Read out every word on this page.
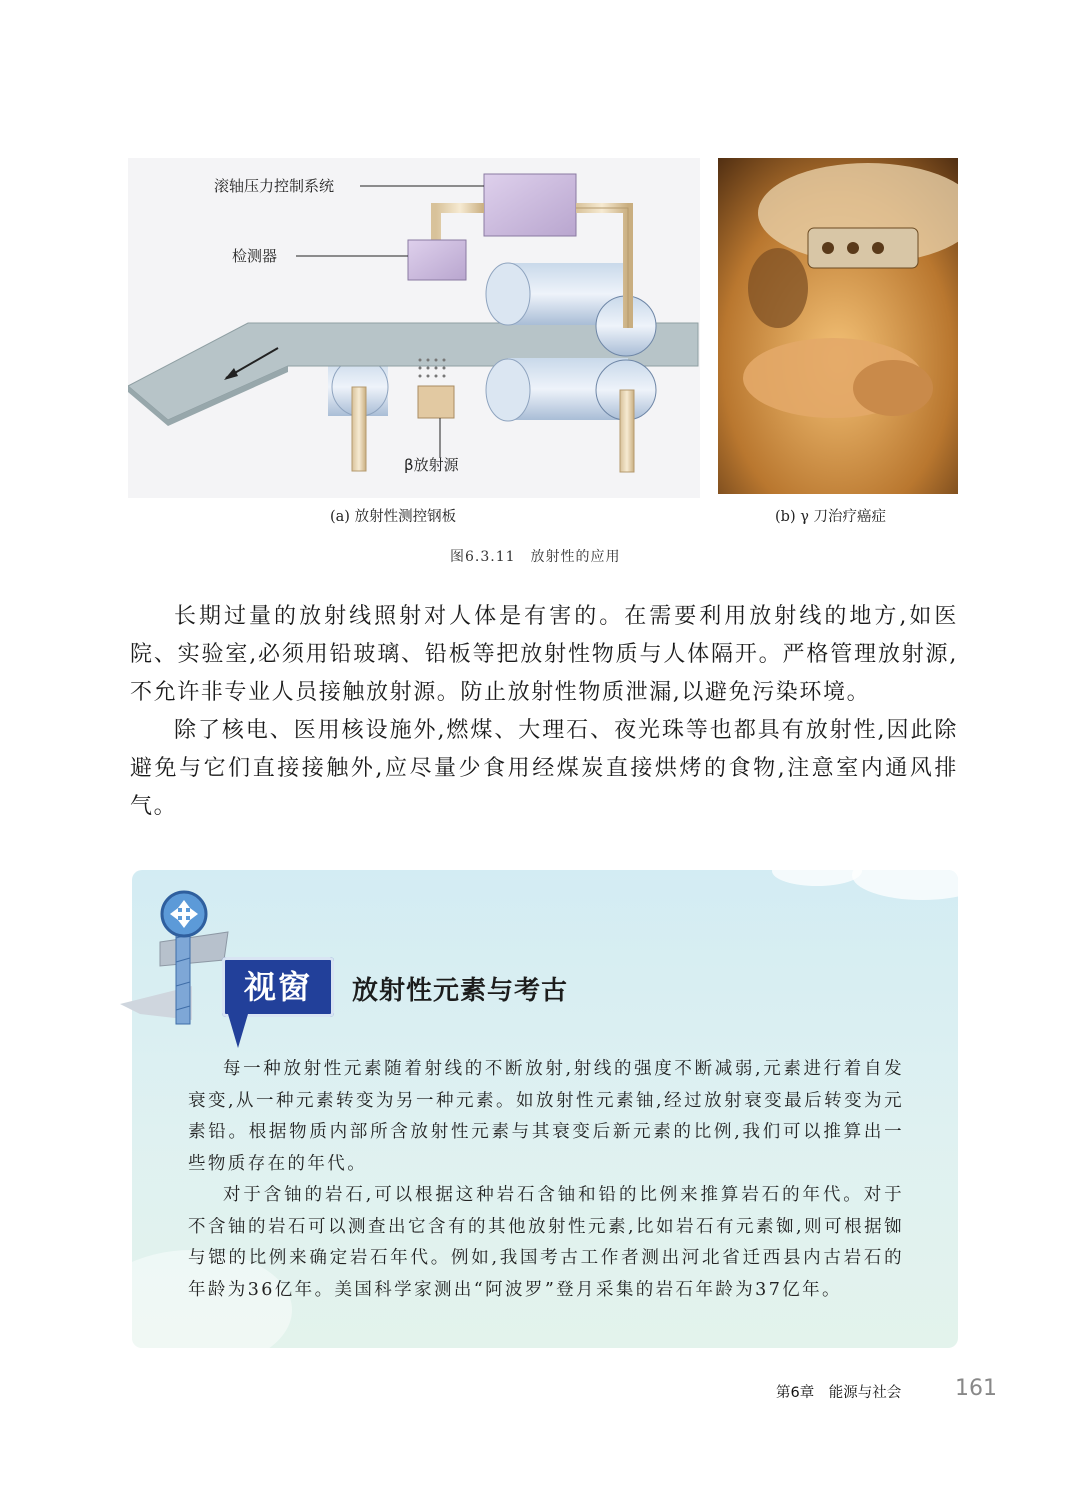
滚轴压力控制系统
检测器
β放射源
(a) 放射性测控钢板	(b) γ 刀治疗癌症
图6.3.11　放射性的应用

长期过量的放射线照射对人体是有害的。在需要利用放射线的地方,如医院、实验室,必须用铅玻璃、铅板等把放射性物质与人体隔开。严格管理放射源,不允许非专业人员接触放射源。防止放射性物质泄漏,以避免污染环境。

除了核电、医用核设施外,燃煤、大理石、夜光珠等也都具有放射性,因此除避免与它们直接接触外,应尽量少食用经煤炭直接烘烤的食物,注意室内通风排气。

视窗	放射性元素与考古

每一种放射性元素随着射线的不断放射,射线的强度不断减弱,元素进行着自发衰变,从一种元素转变为另一种元素。如放射性元素铀,经过放射衰变最后转变为元素铅。根据物质内部所含放射性元素与其衰变后新元素的比例,我们可以推算出一些物质存在的年代。

对于含铀的岩石,可以根据这种岩石含铀和铅的比例来推算岩石的年代。对于不含铀的岩石可以测查出它含有的其他放射性元素,比如岩石有元素铷,则可根据铷与锶的比例来确定岩石年代。例如,我国考古工作者测出河北省迁西县内古岩石的年龄为36亿年。美国科学家测出“阿波罗”登月采集的岩石年龄为37亿年。

第6章　能源与社会 161
